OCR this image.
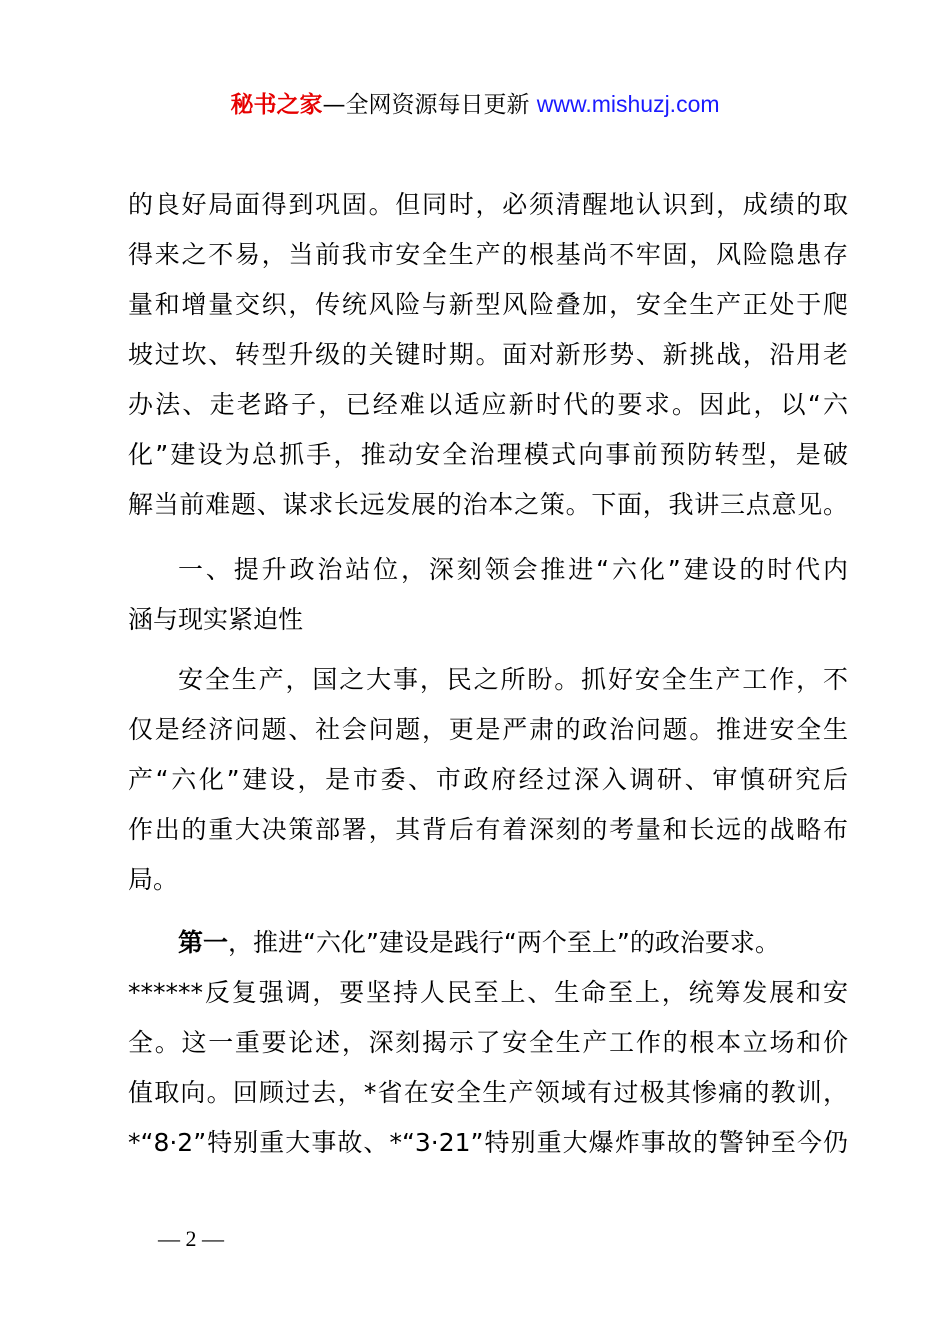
秘书之家—全网资源每日更新 www.mishuzj.com
的良好局面得到巩固。但同时，必须清醒地认识到，成绩的取
得来之不易，当前我市安全生产的根基尚不牢固，风险隐患存
量和增量交织，传统风险与新型风险叠加，安全生产正处于爬
坡过坎、转型升级的关键时期。面对新形势、新挑战，沿用老
办法、走老路子，已经难以适应新时代的要求。因此，以“六
化”建设为总抓手，推动安全治理模式向事前预防转型，是破
解当前难题、谋求长远发展的治本之策。下面，我讲三点意见。
一、提升政治站位，深刻领会推进“六化”建设的时代内
涵与现实紧迫性
安全生产，国之大事，民之所盼。抓好安全生产工作，不
仅是经济问题、社会问题，更是严肃的政治问题。推进安全生
产“六化”建设，是市委、市政府经过深入调研、审慎研究后
作出的重大决策部署，其背后有着深刻的考量和长远的战略布
局。
第一，推进“六化”建设是践行“两个至上”的政治要求。
******反复强调，要坚持人民至上、生命至上，统筹发展和安
全。这一重要论述，深刻揭示了安全生产工作的根本立场和价
值取向。回顾过去，*省在安全生产领域有过极其惨痛的教训，
*“8·2”特别重大事故、*“3·21”特别重大爆炸事故的警钟至今仍
— 2 —
